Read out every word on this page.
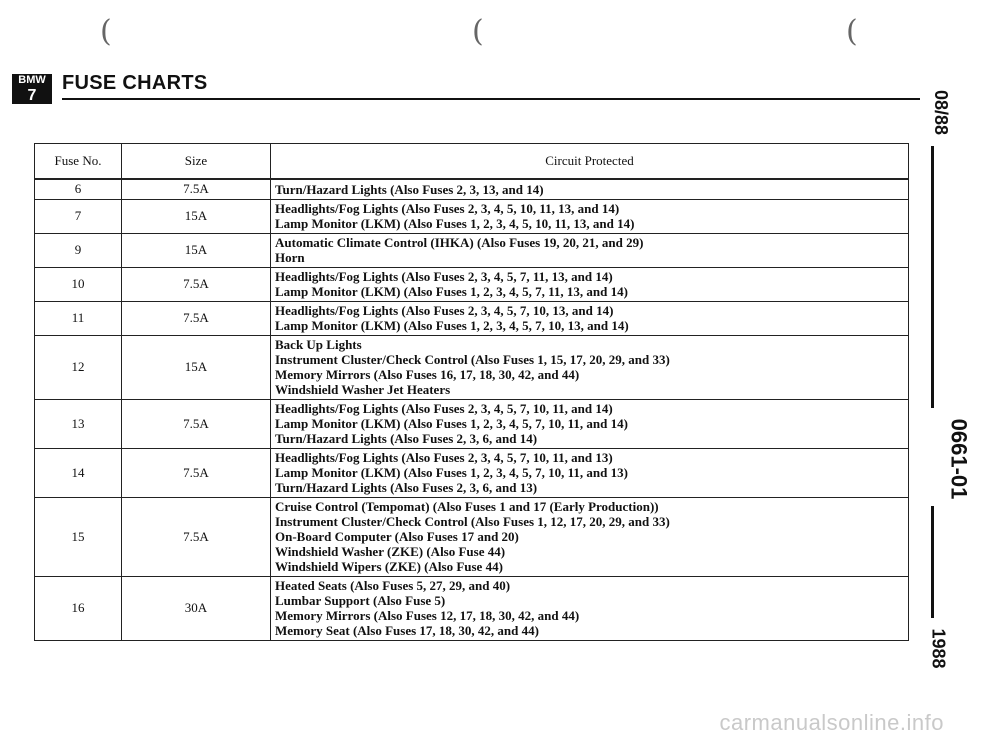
(	(	(
BMW
7
FUSE CHARTS
Fuse No.	Size	Circuit Protected
6	7.5A	Turn/Hazard Lights (Also Fuses 2, 3, 13, and 14)

7	15A	Headlights/Fog Lights (Also Fuses 2, 3, 4, 5, 10, 11, 13, and 14)
Lamp Monitor (LKM) (Also Fuses 1, 2, 3, 4, 5, 10, 11, 13, and 14)

9	15A	Automatic Climate Control (IHKA) (Also Fuses 19, 20, 21, and 29)
Horn

10	7.5A	Headlights/Fog Lights (Also Fuses 2, 3, 4, 5, 7, 11, 13, and 14)
Lamp Monitor (LKM) (Also Fuses 1, 2, 3, 4, 5, 7, 11, 13, and 14)

11	7.5A	Headlights/Fog Lights (Also Fuses 2, 3, 4, 5, 7, 10, 13, and 14)
Lamp Monitor (LKM) (Also Fuses 1, 2, 3, 4, 5, 7, 10, 13, and 14)

12	15A	Back Up Lights
Instrument Cluster/Check Control (Also Fuses 1, 15, 17, 20, 29, and 33)
Memory Mirrors (Also Fuses 16, 17, 18, 30, 42, and 44)
Windshield Washer Jet Heaters

13	7.5A	Headlights/Fog Lights (Also Fuses 2, 3, 4, 5, 7, 10, 11, and 14)
Lamp Monitor (LKM) (Also Fuses 1, 2, 3, 4, 5, 7, 10, 11, and 14)
Turn/Hazard Lights (Also Fuses 2, 3, 6, and 14)

14	7.5A	Headlights/Fog Lights (Also Fuses 2, 3, 4, 5, 7, 10, 11, and 13)
Lamp Monitor (LKM) (Also Fuses 1, 2, 3, 4, 5, 7, 10, 11, and 13)
Turn/Hazard Lights (Also Fuses 2, 3, 6, and 13)

15	7.5A	Cruise Control (Tempomat) (Also Fuses 1 and 17 (Early Production))
Instrument Cluster/Check Control (Also Fuses 1, 12, 17, 20, 29, and 33)
On-Board Computer (Also Fuses 17 and 20)
Windshield Washer (ZKE) (Also Fuse 44)
Windshield Wipers (ZKE) (Also Fuse 44)

16	30A	Heated Seats (Also Fuses 5, 27, 29, and 40)
Lumbar Support (Also Fuse 5)
Memory Mirrors (Also Fuses 12, 17, 18, 30, 42, and 44)
Memory Seat (Also Fuses 17, 18, 30, 42, and 44)
08/88
0661-01
1988
carmanualsonline.info
